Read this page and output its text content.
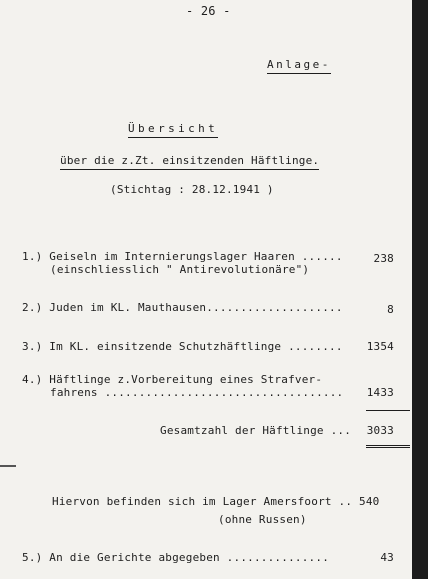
- 26 -
Anlage-
Übersicht
über die z.Zt. einsitzenden Häftlinge.
(Stichtag : 28.12.1941 )
1.) Geiseln im Internierungslager Haaren ......
(einschliesslich " Antirevolutionäre")
238
2.) Juden im KL. Mauthausen....................	8
3.) Im KL. einsitzende Schutzhäftlinge ........ 1354
4.) Häftlinge z.Vorbereitung eines Strafver-
fahrens ................................... 1433
Gesamtzahl der Häftlinge ... 3033
Hiervon befinden sich im Lager Amersfoort .. 540
(ohne Russen)
5.) An die Gerichte abgegeben ...............	43
